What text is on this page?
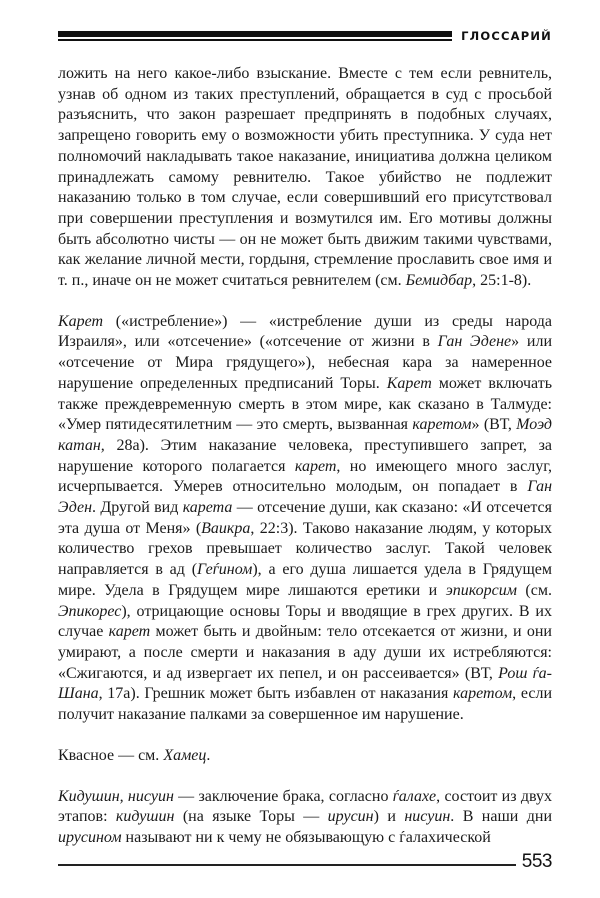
ГЛОССАРИЙ

ложить на него какое-либо взыскание. Вместе с тем если ревнитель, узнав об одном из таких преступлений, обращается в суд с просьбой разъяснить, что закон разрешает предпринять в подобных случаях, запрещено говорить ему о возможности убить преступника. У суда нет полномочий накладывать такое наказание, инициатива должна целиком принадлежать самому ревнителю. Такое убийство не подлежит наказанию только в том случае, если совершивший его присутствовал при совершении преступления и возмутился им. Его мотивы должны быть абсолютно чисты — он не может быть движим такими чувствами, как желание личной мести, гордыня, стремление прославить свое имя и т. п., иначе он не может считаться ревнителем (см. Бемидбар, 25:1-8).

Карет («истребление») — «истребление души из среды народа Израиля», или «отсечение» («отсечение от жизни в Ган Эдене» или «отсечение от Мира грядущего»), небесная кара за намеренное нарушение определенных предписаний Торы. Карет может включать также преждевременную смерть в этом мире, как сказано в Талмуде: «Умер пятидесятилетним — это смерть, вызванная каретом» (ВТ, Моэд катан, 28а). Этим наказание человека, преступившего запрет, за нарушение которого полагается карет, но имеющего много заслуг, исчерпывается. Умерев относительно молодым, он попадает в Ган Эден. Другой вид карета — отсечение души, как сказано: «И отсечется эта душа от Меня» (Ваикра, 22:3). Таково наказание людям, у которых количество грехов превышает количество заслуг. Такой человек направляется в ад (Геѓином), а его душа лишается удела в Грядущем мире. Удела в Грядущем мире лишаются еретики и эпикорсим (см. Эпикорес), отрицающие основы Торы и вводящие в грех других. В их случае карет может быть и двойным: тело отсекается от жизни, и они умирают, а после смерти и наказания в аду души их истребляются: «Сжигаются, и ад извергает их пепел, и он рассеивается» (ВТ, Рош ѓа-Шана, 17а). Грешник может быть избавлен от наказания каретом, если получит наказание палками за совершенное им нарушение.

Квасное — см. Хамец.

Кидушин, нисуин — заключение брака, согласно ѓалахе, состоит из двух этапов: кидушин (на языке Торы — ирусин) и нисуин. В наши дни ирусином называют ни к чему не обязывающую с ѓалахической

553
